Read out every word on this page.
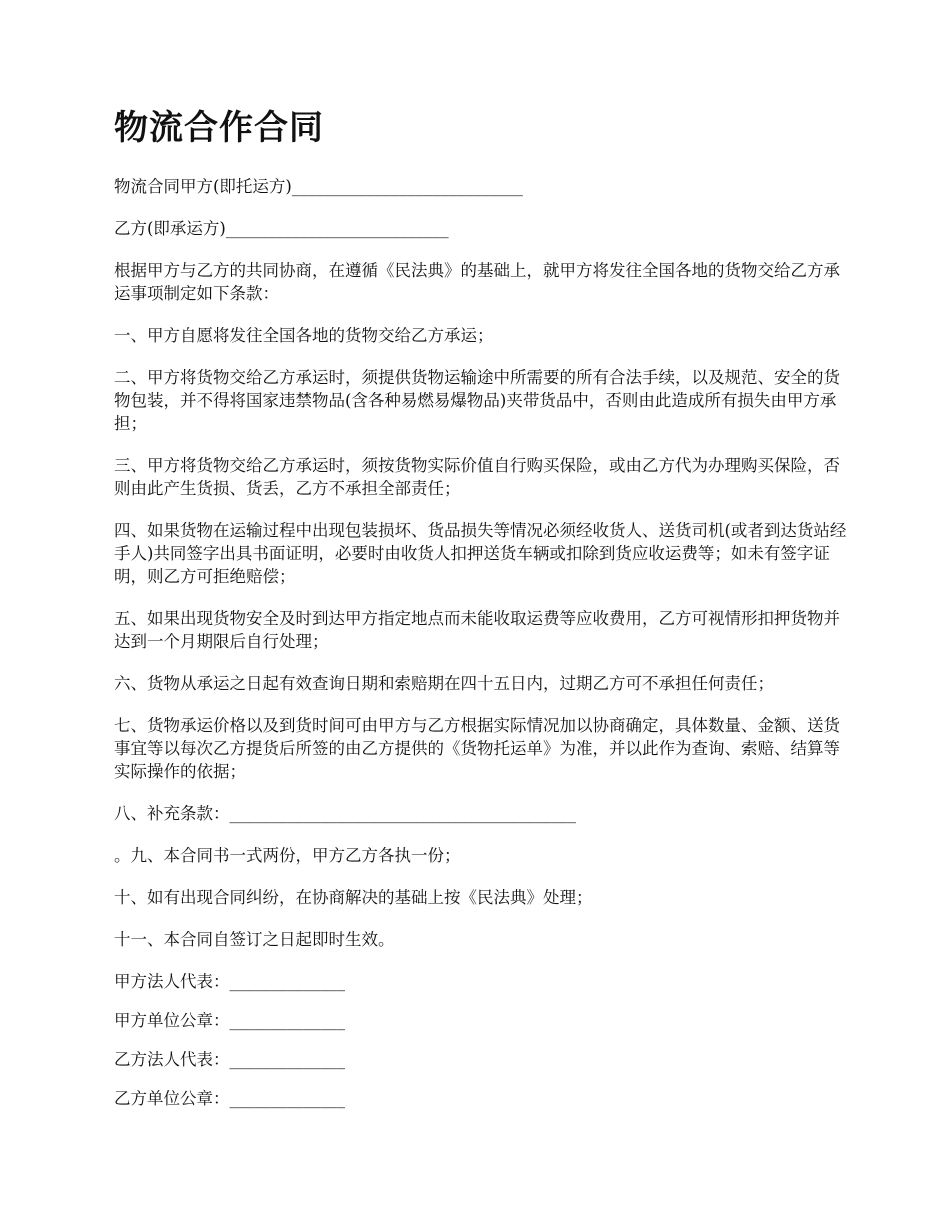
物流合作合同

物流合同甲方(即托运方)____________________________

乙方(即承运方)___________________________

根据甲方与乙方的共同协商，在遵循《民法典》的基础上，就甲方将发往全国各地的货物交给乙方承运事项制定如下条款：

一、甲方自愿将发往全国各地的货物交给乙方承运；

二、甲方将货物交给乙方承运时，须提供货物运输途中所需要的所有合法手续，以及规范、安全的货物包装，并不得将国家违禁物品(含各种易燃易爆物品)夹带货品中，否则由此造成所有损失由甲方承担；

三、甲方将货物交给乙方承运时，须按货物实际价值自行购买保险，或由乙方代为办理购买保险，否则由此产生货损、货丢，乙方不承担全部责任；

四、如果货物在运输过程中出现包装损坏、货品损失等情况必须经收货人、送货司机(或者到达货站经手人)共同签字出具书面证明，必要时由收货人扣押送货车辆或扣除到货应收运费等；如未有签字证明，则乙方可拒绝赔偿；

五、如果出现货物安全及时到达甲方指定地点而未能收取运费等应收费用，乙方可视情形扣押货物并达到一个月期限后自行处理；

六、货物从承运之日起有效查询日期和索赔期在四十五日内，过期乙方可不承担任何责任；

七、货物承运价格以及到货时间可由甲方与乙方根据实际情况加以协商确定，具体数量、金额、送货事宜等以每次乙方提货后所签的由乙方提供的《货物托运单》为准，并以此作为查询、索赔、结算等实际操作的依据；

八、补充条款：__________________________________________

。九、本合同书一式两份，甲方乙方各执一份；

十、如有出现合同纠纷，在协商解决的基础上按《民法典》处理；

十一、本合同自签订之日起即时生效。

甲方法人代表：______________

甲方单位公章：______________

乙方法人代表：______________

乙方单位公章：______________
